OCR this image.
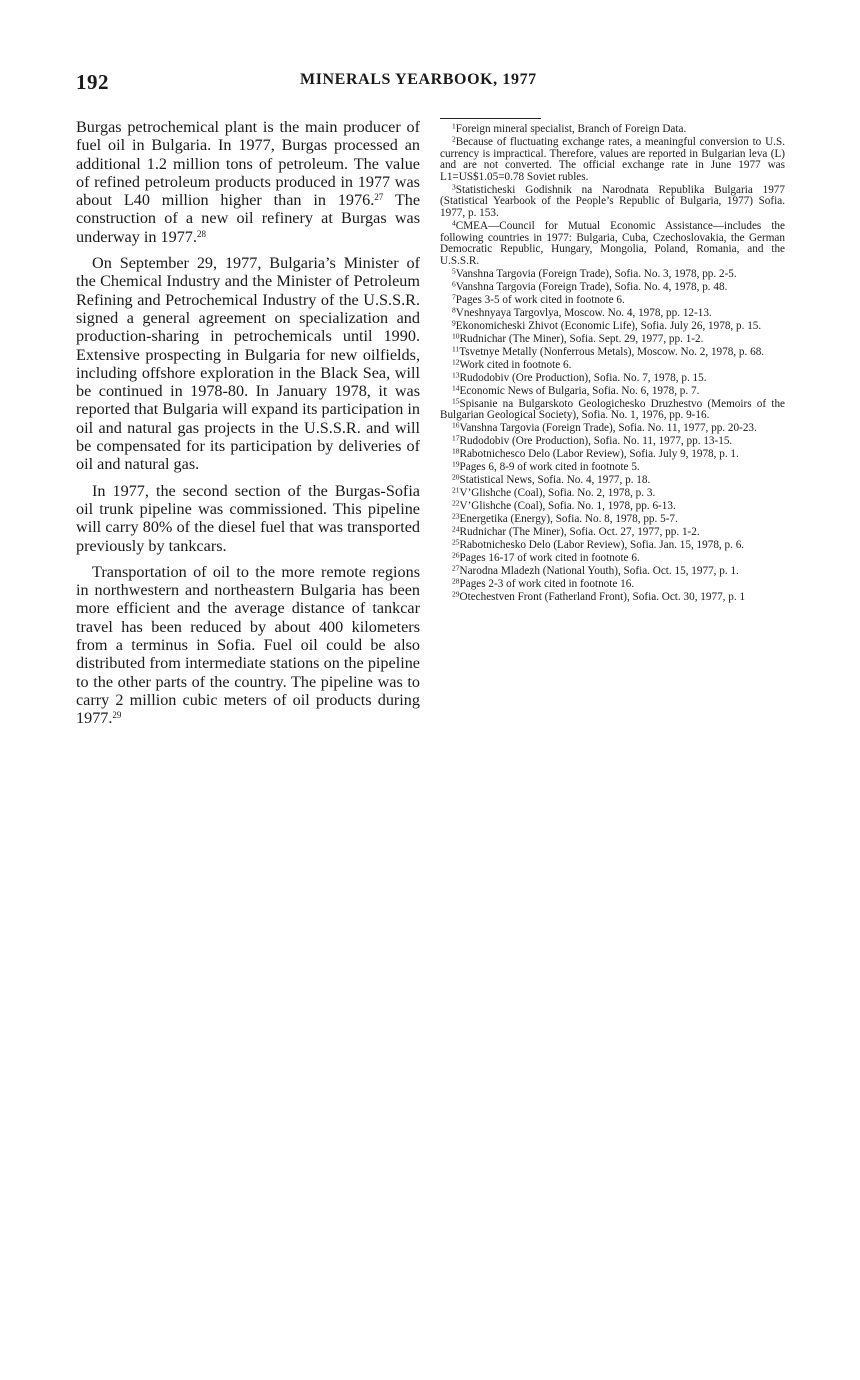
192	MINERALS YEARBOOK, 1977

Burgas petrochemical plant is the main producer of fuel oil in Bulgaria. In 1977, Burgas processed an additional 1.2 million tons of petroleum. The value of refined petroleum products produced in 1977 was about L40 million higher than in 1976.27 The construction of a new oil refinery at Burgas was underway in 1977.28

On September 29, 1977, Bulgaria’s Minister of the Chemical Industry and the Minister of Petroleum Refining and Petrochemical Industry of the U.S.S.R. signed a general agreement on specialization and production-sharing in petrochemicals until 1990. Extensive prospecting in Bulgaria for new oilfields, including offshore exploration in the Black Sea, will be continued in 1978-80. In January 1978, it was reported that Bulgaria will expand its participation in oil and natural gas projects in the U.S.S.R. and will be compensated for its participation by deliveries of oil and natural gas.

In 1977, the second section of the Burgas-Sofia oil trunk pipeline was commissioned. This pipeline will carry 80% of the diesel fuel that was transported previously by tankcars.

Transportation of oil to the more remote regions in northwestern and northeastern Bulgaria has been more efficient and the average distance of tankcar travel has been reduced by about 400 kilometers from a terminus in Sofia. Fuel oil could be also distributed from intermediate stations on the pipeline to the other parts of the country. The pipeline was to carry 2 million cubic meters of oil products during 1977.29

$^1$Foreign mineral specialist, Branch of Foreign Data.

$^2$Because of fluctuating exchange rates, a meaningful conversion to U.S. currency is impractical. Therefore, values are reported in Bulgarian leva (L) and are not converted. The official exchange rate in June 1977 was L1=US$1.05=0.78 Soviet rubles.

$^3$Statisticheski Godishnik na Narodnata Republika Bulgaria 1977 (Statistical Yearbook of the People’s Republic of Bulgaria, 1977) Sofia. 1977, p. 153.

$^4$CMEA—Council for Mutual Economic Assistance—includes the following countries in 1977: Bulgaria, Cuba, Czechoslovakia, the German Democratic Republic, Hungary, Mongolia, Poland, Romania, and the U.S.S.R.

$^5$Vanshna Targovia (Foreign Trade), Sofia. No. 3, 1978, pp. 2-5.

$^6$Vanshna Targovia (Foreign Trade), Sofia. No. 4, 1978, p. 48.

$^7$Pages 3-5 of work cited in footnote 6.

$^8$Vneshnyaya Targovlya, Moscow. No. 4, 1978, pp. 12-13.

$^9$Ekonomicheski Zhivot (Economic Life), Sofia. July 26, 1978, p. 15.

$^{10}$Rudnichar (The Miner), Sofia. Sept. 29, 1977, pp. 1-2.

$^{11}$Tsvetnye Metally (Nonferrous Metals), Moscow. No. 2, 1978, p. 68.

$^{12}$Work cited in footnote 6.

$^{13}$Rudodobiv (Ore Production), Sofia. No. 7, 1978, p. 15.

$^{14}$Economic News of Bulgaria, Sofia. No. 6, 1978, p. 7.

$^{15}$Spisanie na Bulgarskoto Geologichesko Druzhestvo (Memoirs of the Bulgarian Geological Society), Sofia. No. 1, 1976, pp. 9-16.

$^{16}$Vanshna Targovia (Foreign Trade), Sofia. No. 11, 1977, pp. 20-23.

$^{17}$Rudodobiv (Ore Production), Sofia. No. 11, 1977, pp. 13-15.

$^{18}$Rabotnichesco Delo (Labor Review), Sofia. July 9, 1978, p. 1.

$^{19}$Pages 6, 8-9 of work cited in footnote 5.

$^{20}$Statistical News, Sofia. No. 4, 1977, p. 18.

$^{21}$V’Glishche (Coal), Sofia. No. 2, 1978, p. 3.

$^{22}$V’Glishche (Coal), Sofia. No. 1, 1978, pp. 6-13.

$^{23}$Energetika (Energy), Sofia. No. 8, 1978, pp. 5-7.

$^{24}$Rudnichar (The Miner), Sofia. Oct. 27, 1977, pp. 1-2.

$^{25}$Rabotnichesko Delo (Labor Review), Sofia. Jan. 15, 1978, p. 6.

$^{26}$Pages 16-17 of work cited in footnote 6.

$^{27}$Narodna Mladezh (National Youth), Sofia. Oct. 15, 1977, p. 1.

$^{28}$Pages 2-3 of work cited in footnote 16.

$^{29}$Otechestven Front (Fatherland Front), Sofia. Oct. 30, 1977, p. 1
